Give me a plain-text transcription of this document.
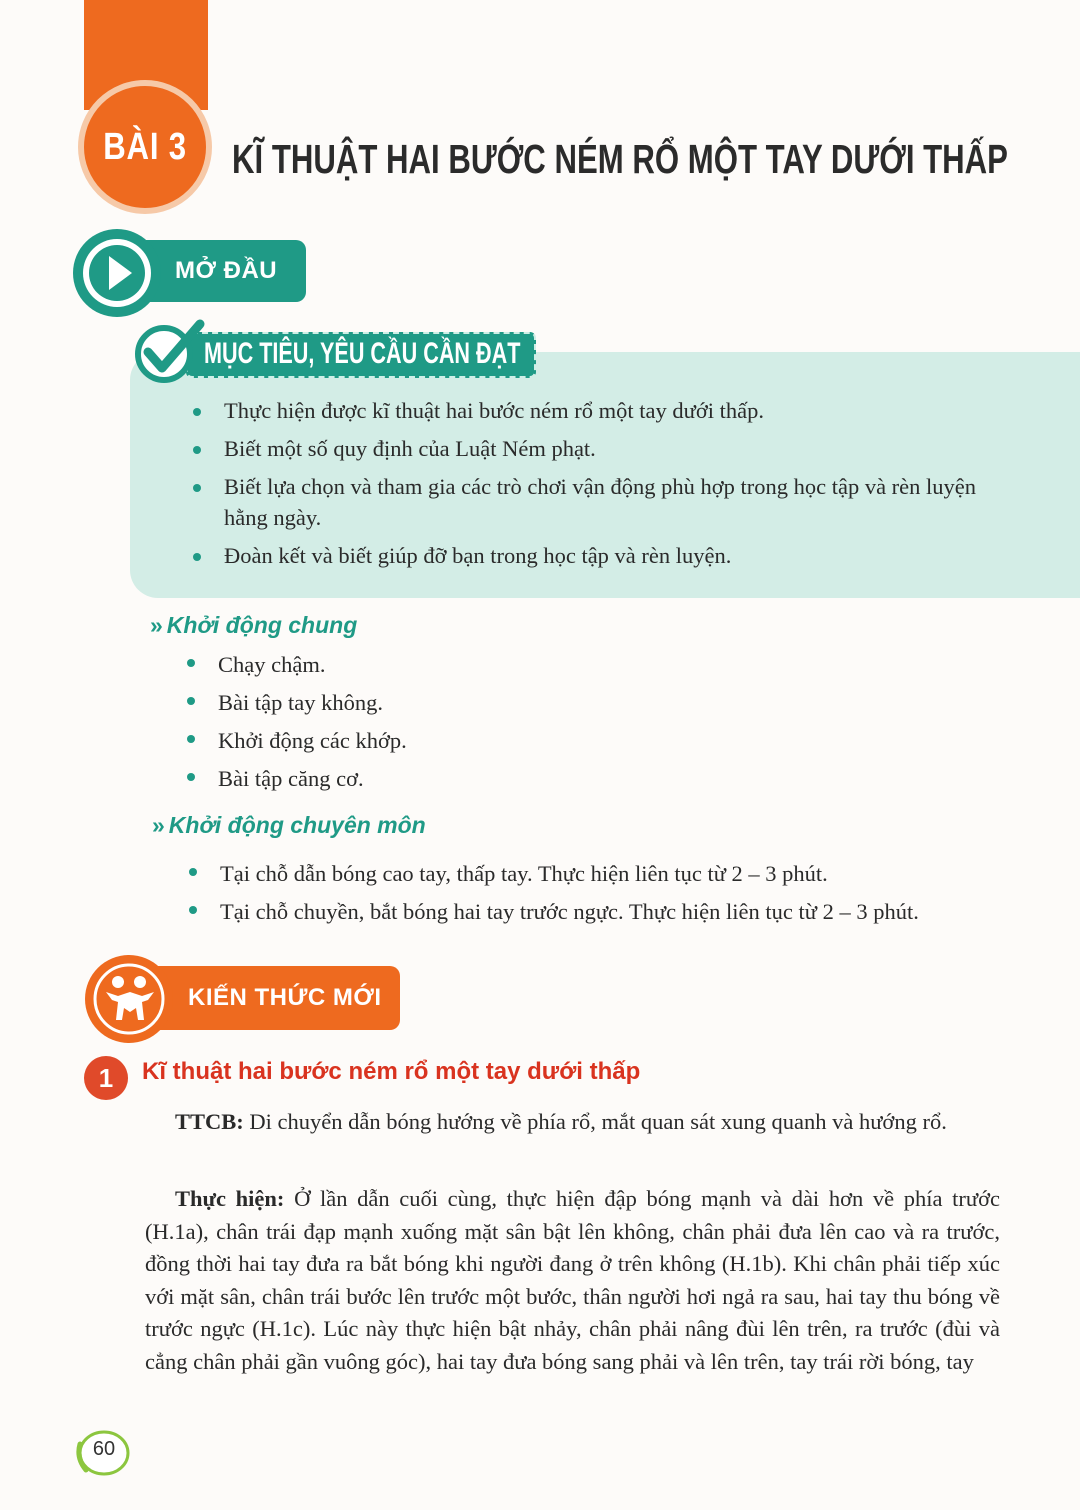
BÀI 3 KĨ THUẬT HAI BƯỚC NÉM RỔ MỘT TAY DƯỚI THẤP
MỞ ĐẦU
MỤC TIÊU, YÊU CẦU CẦN ĐẠT
Thực hiện được kĩ thuật hai bước ném rổ một tay dưới thấp.
Biết một số quy định của Luật Ném phạt.
Biết lựa chọn và tham gia các trò chơi vận động phù hợp trong học tập và rèn luyện hằng ngày.
Đoàn kết và biết giúp đỡ bạn trong học tập và rèn luyện.
» Khởi động chung
Chạy chậm.
Bài tập tay không.
Khởi động các khớp.
Bài tập căng cơ.
» Khởi động chuyên môn
Tại chỗ dẫn bóng cao tay, thấp tay. Thực hiện liên tục từ 2 – 3 phút.
Tại chỗ chuyền, bắt bóng hai tay trước ngực. Thực hiện liên tục từ 2 – 3 phút.
KIẾN THỨC MỚI
1	Kĩ thuật hai bước ném rổ một tay dưới thấp

TTCB: Di chuyển dẫn bóng hướng về phía rổ, mắt quan sát xung quanh và hướng rổ.

Thực hiện: Ở lần dẫn cuối cùng, thực hiện đập bóng mạnh và dài hơn về phía trước (H.1a), chân trái đạp mạnh xuống mặt sân bật lên không, chân phải đưa lên cao và ra trước, đồng thời hai tay đưa ra bắt bóng khi người đang ở trên không (H.1b). Khi chân phải tiếp xúc với mặt sân, chân trái bước lên trước một bước, thân người hơi ngả ra sau, hai tay thu bóng về trước ngực (H.1c). Lúc này thực hiện bật nhảy, chân phải nâng đùi lên trên, ra trước (đùi và cẳng chân phải gần vuông góc), hai tay đưa bóng sang phải và lên trên, tay trái rời bóng, tay

60
